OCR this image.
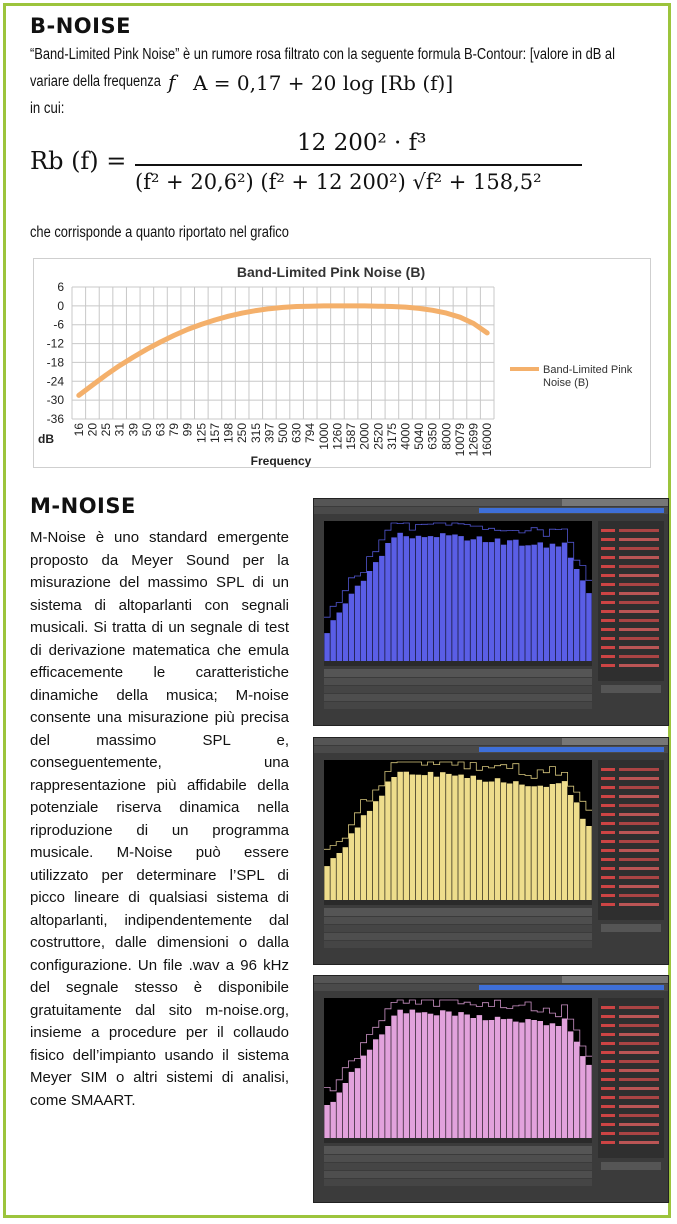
B-NOISE
“Band-Limited Pink Noise” è un rumore rosa filtrato con la seguente formula B-Contour: [valore in dB al
variare della frequenza f A = 0,17 + 20 log [Rb (f)]
in cui:
Rb (f) =
12 200² · f³
(f² + 20,6²) (f² + 12 200²) √f² + 158,5²
che corrisponde a quanto riportato nel grafico
Band-Limited Pink Noise (B)
dB
Frequency
6
0
-6
-12
-18
-24
-30
-36
16 20 25 31 39 50 63 79 99 125 157 198 250 315 397 500 630 794 1000 1260 1587 2000 2520 3175 4000 5040 6350 8000 10079 12699 16000
Band-Limited Pink
Noise (B)
M-NOISE
M-Noise è uno standard emergente proposto da Meyer Sound per la misurazione del massimo SPL di un sistema di altoparlanti con segnali musicali. Si tratta di un segnale di test di derivazione matematica che emula efficacemente le caratteristiche dinamiche della musica; M-noise consente una misurazione più precisa del massimo SPL e, conseguentemente, una rappresentazione più affidabile della potenziale riserva dinamica nella riproduzione di un programma musicale. M-Noise può essere utilizzato per determinare l’SPL di picco lineare di qualsiasi sistema di altoparlanti, indipendentemente dal costruttore, dalle dimensioni o dalla configurazione. Un file .wav a 96 kHz del segnale stesso è disponibile gratuitamente dal sito m-noise.org, insieme a procedure per il collaudo fisico dell’impianto usando il sistema Meyer SIM o altri sistemi di analisi, come SMAART.
